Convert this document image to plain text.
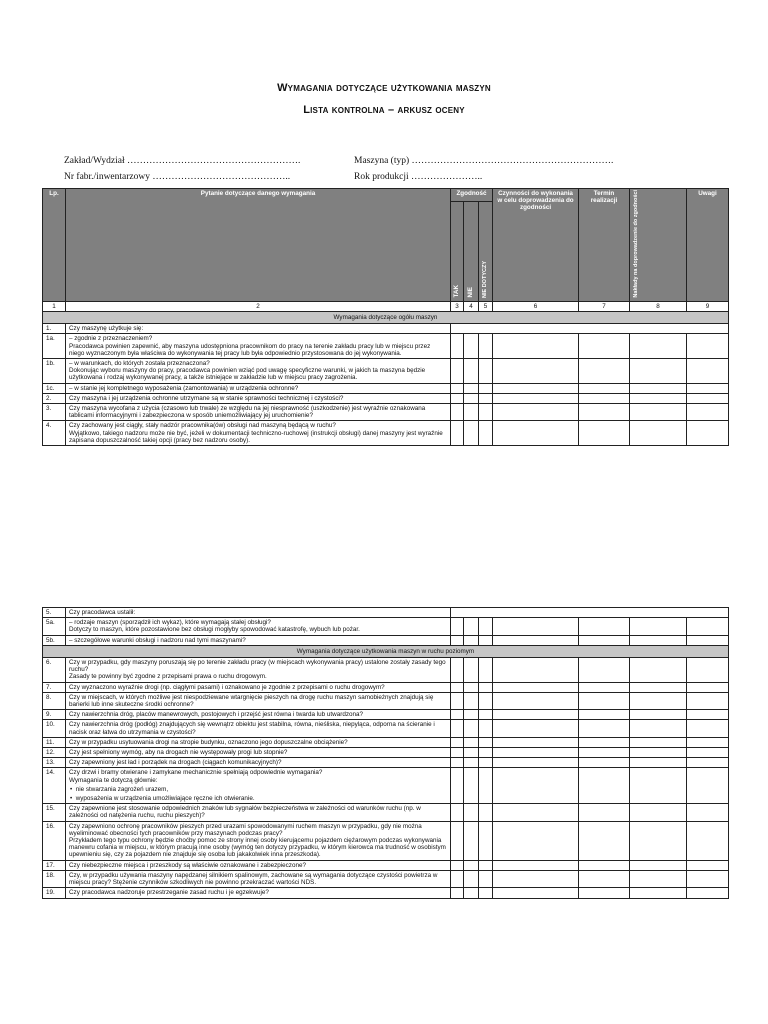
Wymagania dotyczące użytkowania maszyn
Lista kontrolna – arkusz oceny
Zakład/Wydział ……………………………………………….	Maszyna (typ) ……………………………………………………….
Nr fabr./inwentarzowy ……………………………………..	Rok produkcji …………………..
Lp.	Pytanie dotyczące danego wymagania	Zgodność			Czynności do wykonania w celu doprowadzenia do zgodności	Termin realizacji	Nakłady na doprowadzenie do zgodności	Uwagi
		TAK	NIE	NIE DOTYCZY				
1	2	3	4	5	6	7	8	9
Wymagania dotyczące ogółu maszyn								
1.	Czy maszynę użytkuje się:							
1a.	– zgodnie z przeznaczeniem?
Pracodawca powinien zapewnić, aby maszyna udostępniona pracownikom do pracy na terenie zakładu pracy lub w miejscu przez niego wyznaczonym była właściwa do wykonywania tej pracy lub była odpowiednio przystosowana do jej wykonywania.							
1b.	– w warunkach, do których została przeznaczona?
Dokonując wyboru maszyny do pracy, pracodawca powinien wziąć pod uwagę specyficzne warunki, w jakich ta maszyna będzie użytkowana i rodzaj wykonywanej pracy, a także istniejące w zakładzie lub w miejscu pracy zagrożenia.							
1c.	– w stanie jej kompletnego wyposażenia (zamontowania) w urządzenia ochronne?							
2.	Czy maszyna i jej urządzenia ochronne utrzymane są w stanie sprawności technicznej i czystości?							
3.	Czy maszyna wycofana z użycia (czasowo lub trwale) ze względu na jej niesprawność (uszkodzenie) jest wyraźnie oznakowana tablicami informacyjnymi i zabezpieczona w sposób uniemożliwiający jej uruchomienie?							
4.	Czy zachowany jest ciągły, stały nadzór pracownika(ów) obsługi nad maszyną będącą w ruchu?
Wyjątkowo, takiego nadzoru może nie być, jeżeli w dokumentacji techniczno-ruchowej (instrukcji obsługi) danej maszyny jest wyraźnie zapisana dopuszczalność takiej opcji (pracy bez nadzoru osoby).							
5.	Czy pracodawca ustalił:							
5a.	– rodzaje maszyn (sporządził ich wykaz), które wymagają stałej obsługi?
Dotyczy to maszyn, które pozostawione bez obsługi mogłyby spowodować katastrofę, wybuch lub pożar.							
5b.	– szczegółowe warunki obsługi i nadzoru nad tymi maszynami?							
Wymagania dotyczące użytkowania maszyn w ruchu poziomym								
6.	Czy w przypadku, gdy maszyny poruszają się po terenie zakładu pracy (w miejscach wykonywania pracy) ustalone zostały zasady tego ruchu?
Zasady te powinny być zgodne z przepisami prawa o ruchu drogowym.							
7.	Czy wyznaczono wyraźnie drogi (np. ciągłymi pasami) i oznakowano je zgodnie z przepisami o ruchu drogowym?							
8.	Czy w miejscach, w których możliwe jest niespodziewane wtargnięcie pieszych na drogę ruchu maszyn samobieżnych znajdują się barierki lub inne skuteczne środki ochronne?							
9.	Czy nawierzchnia dróg, placów manewrowych, postojowych i przejść jest równa i twarda lub utwardzona?							
10.	Czy nawierzchnia dróg (podłóg) znajdujących się wewnątrz obiektu jest stabilna, równa, nieśliska, niepyląca, odporna na ścieranie i nacisk oraz łatwa do utrzymania w czystości?							
11.	Czy w przypadku usytuowania drogi na stropie budynku, oznaczono jego dopuszczalne obciążenie?							
12.	Czy jest spełniony wymóg, aby na drogach nie występowały progi lub stopnie?							
13.	Czy zapewniony jest ład i porządek na drogach (ciągach komunikacyjnych)?							
14.	Czy drzwi i bramy otwierane i zamykane mechanicznie spełniają odpowiednie wymagania?
Wymagania te dotyczą głównie:
• nie stwarzania zagrożeń urazem,
• wyposażenia w urządzenia umożliwiające ręczne ich otwieranie.							

15.	Czy zapewnione jest stosowanie odpowiednich znaków lub sygnałów bezpieczeństwa w zależności od warunków ruchu (np. w zależności od natężenia ruchu, ruchu pieszych)?							
16.	Czy zapewniono ochronę pracowników pieszych przed urazami spowodowanymi ruchem maszyn w przypadku, gdy nie można wyeliminować obecności tych pracowników przy maszynach podczas pracy?
Przykładem tego typu ochrony będzie choćby pomoc ze strony innej osoby kierującemu pojazdem ciężarowym podczas wykonywania manewru cofania w miejscu, w którym pracują inne osoby (wymóg ten dotyczy przypadku, w którym kierowca ma trudność w osobistym upewnieniu się, czy za pojazdem nie znajduje się osoba lub jakakolwiek inna przeszkoda).							
17.	Czy niebezpieczne miejsca i przeszkody są właściwie oznakowane i zabezpieczone?							
18.	Czy, w przypadku używania maszyny napędzanej silnikiem spalinowym, zachowane są wymagania dotyczące czystości powietrza w miejscu pracy? Stężenie czynników szkodliwych nie powinno przekraczać wartości NDS.							
19.	Czy pracodawca nadzoruje przestrzeganie zasad ruchu i je egzekwuje?							
